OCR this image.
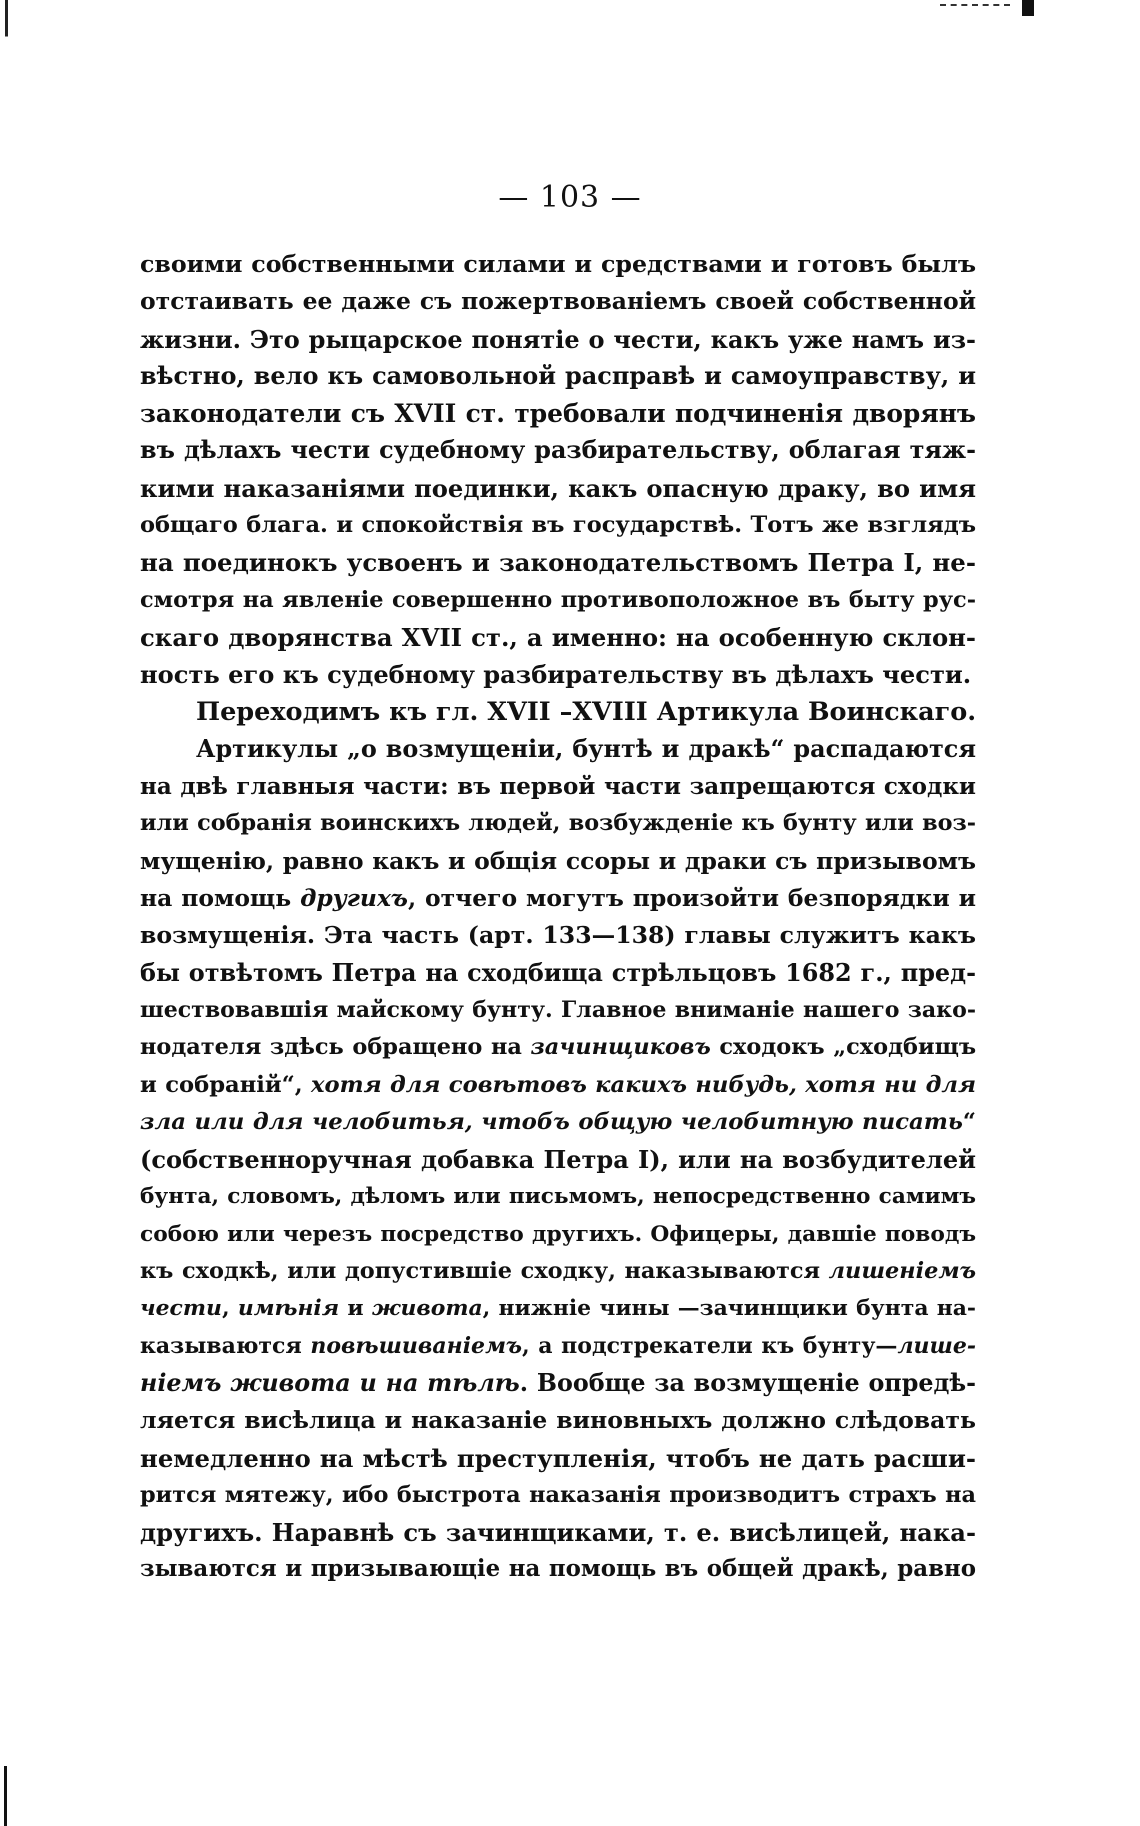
— 103 —
своими собственными силами и средствами и готовъ былъ
отстаивать ее даже съ пожертвованіемъ своей собственной
жизни. Это рыцарское понятіе о чести, какъ уже намъ из-
вѣстно, вело къ самовольной расправѣ и самоуправству, и
законодатели съ XVII ст. требовали подчиненія дворянъ
въ дѣлахъ чести судебному разбирательству, облагая тяж-
кими наказаніями поединки, какъ опасную драку, во имя
общаго блага. и спокойствія въ государствѣ. Тотъ же взглядъ
на поединокъ усвоенъ и законодательствомъ Петра I, не-
смотря на явленіе совершенно противоположное въ быту рус-
скаго дворянства XVII ст., а именно: на особенную склон-
ность его къ судебному разбирательству въ дѣлахъ чести.
Переходимъ къ гл. XVII –XVIII Артикула Воинскаго.
Артикулы „о возмущеніи, бунтѣ и дракѣ“ распадаются
на двѣ главныя части: въ первой части запрещаются сходки
или собранія воинскихъ людей, возбужденіе къ бунту или воз-
мущенію, равно какъ и общія ссоры и драки съ призывомъ
на помощь другихъ, отчего могутъ произойти безпорядки и
возмущенія. Эта часть (арт. 133—138) главы служитъ какъ
бы отвѣтомъ Петра на сходбища стрѣльцовъ 1682 г., пред-
шествовавшія майскому бунту. Главное вниманіе нашего зако-
нодателя здѣсь обращено на зачинщиковъ сходокъ „сходбищъ
и собраній“, хотя для совѣтовъ какихъ нибудь, хотя ни для
зла или для челобитья, чтобъ общую челобитную писать“
(собственноручная добавка Петра I), или на возбудителей
бунта, словомъ, дѣломъ или письмомъ, непосредственно самимъ
собою или черезъ посредство другихъ. Офицеры, давшіе поводъ
къ сходкѣ, или допустившіе сходку, наказываются лишеніемъ
чести, имѣнія и живота, нижніе чины —зачинщики бунта на-
казываются повѣшиваніемъ, а подстрекатели къ бунту—лише-
ніемъ живота и на тѣлѣ. Вообще за возмущеніе опредѣ-
ляется висѣлица и наказаніе виновныхъ должно слѣдовать
немедленно на мѣстѣ преступленія, чтобъ не дать расши-
рится мятежу, ибо быстрота наказанія производитъ страхъ на
другихъ. Наравнѣ съ зачинщиками, т. е. висѣлицей, нака-
зываются и призывающіе на помощь въ общей дракѣ, равно
